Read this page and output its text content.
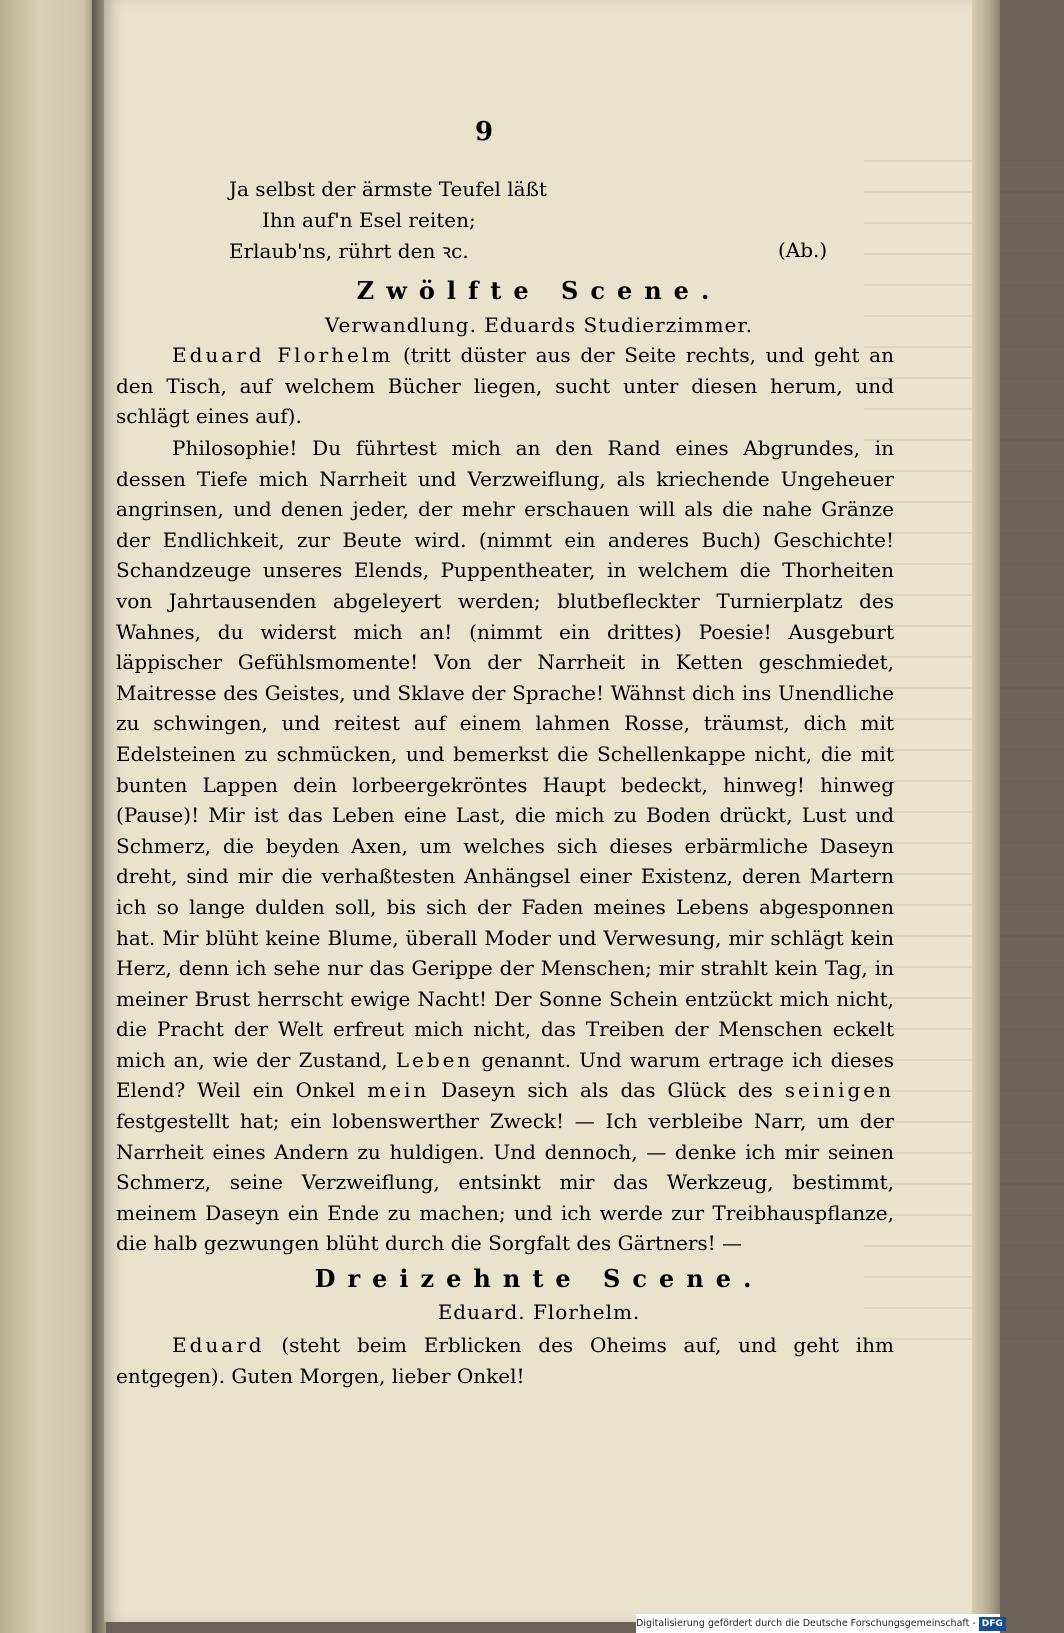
9
Ja selbst der ärmste Teufel läßt
Ihn auf'n Esel reiten;
Erlaub'ns, rührt den ꝛc.	(Ab.)
Zwölfte Scene.
Verwandlung. Eduards Studierzimmer.

Eduard Florhelm (tritt düster aus der Seite rechts, und geht an den Tisch, auf welchem Bücher liegen, sucht unter diesen herum, und schlägt eines auf).

Philosophie! Du führtest mich an den Rand eines Abgrundes, in dessen Tiefe mich Narrheit und Verzweiflung, als kriechende Ungeheuer angrinsen, und denen jeder, der mehr erschauen will als die nahe Gränze der Endlichkeit, zur Beute wird. (nimmt ein anderes Buch) Geschichte! Schandzeuge unseres Elends, Puppentheater, in welchem die Thorheiten von Jahrtausenden abgeleyert werden; blutbefleckter Turnierplatz des Wahnes, du widerst mich an! (nimmt ein drittes) Poesie! Ausgeburt läppischer Gefühlsmomente! Von der Narrheit in Ketten geschmiedet, Maitresse des Geistes, und Sklave der Sprache! Wähnst dich ins Unendliche zu schwingen, und reitest auf einem lahmen Rosse, träumst, dich mit Edelsteinen zu schmücken, und bemerkst die Schellenkappe nicht, die mit bunten Lappen dein lorbeergekröntes Haupt bedeckt, hinweg! hinweg (Pause)! Mir ist das Leben eine Last, die mich zu Boden drückt, Lust und Schmerz, die beyden Axen, um welches sich dieses erbärmliche Daseyn dreht, sind mir die verhaßtesten Anhängsel einer Existenz, deren Martern ich so lange dulden soll, bis sich der Faden meines Lebens abgesponnen hat. Mir blüht keine Blume, überall Moder und Verwesung, mir schlägt kein Herz, denn ich sehe nur das Gerippe der Menschen; mir strahlt kein Tag, in meiner Brust herrscht ewige Nacht! Der Sonne Schein entzückt mich nicht, die Pracht der Welt erfreut mich nicht, das Treiben der Menschen eckelt mich an, wie der Zustand, Leben genannt. Und warum ertrage ich dieses Elend? Weil ein Onkel mein Daseyn sich als das Glück des seinigen festgestellt hat; ein lobenswerther Zweck! — Ich verbleibe Narr, um der Narrheit eines Andern zu huldigen. Und dennoch, — denke ich mir seinen Schmerz, seine Verzweiflung, entsinkt mir das Werkzeug, bestimmt, meinem Daseyn ein Ende zu machen; und ich werde zur Treibhauspflanze, die halb gezwungen blüht durch die Sorgfalt des Gärtners! —

Dreizehnte Scene.
Eduard. Florhelm.

Eduard (steht beim Erblicken des Oheims auf, und geht ihm entgegen). Guten Morgen, lieber Onkel!

Digitalisierung gefördert durch die Deutsche Forschungsgemeinschaft - DFG
